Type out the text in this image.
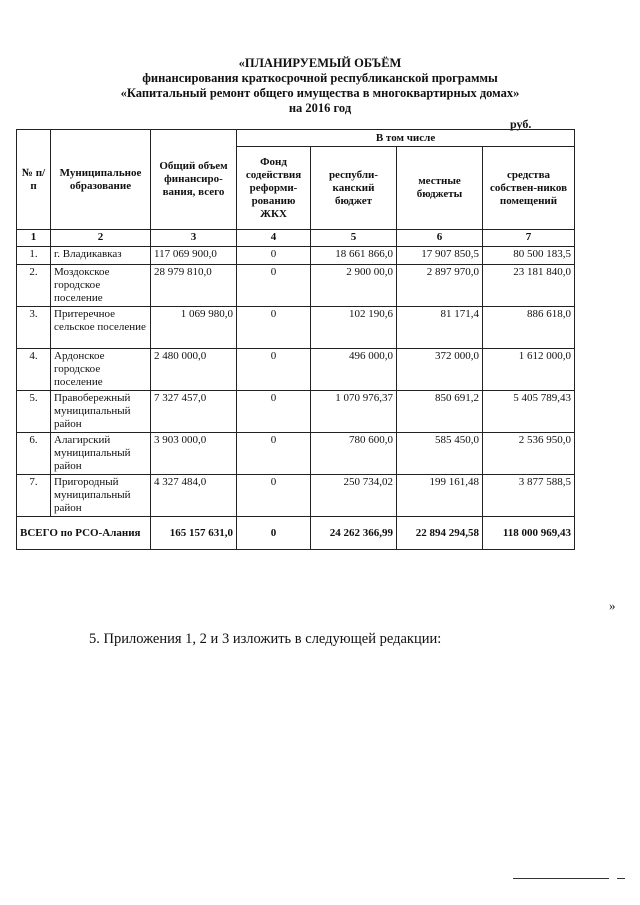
«ПЛАНИРУЕМЫЙ ОБЪЁМ
финансирования краткосрочной республиканской программы
«Капитальный ремонт общего имущества в многоквартирных домах»
на 2016 год
руб.
№ п/п	Муниципальное образование	Общий объем финансиро-вания, всего	В том числе			
			Фонд содействия реформи-рованию ЖКХ	республи-канский бюджет	местные бюджеты	средства собствен-ников помещений
1	2	3	4	5	6	7
1.	г. Владикавказ	117 069 900,0	0	18 661 866,0	17 907 850,5	80 500 183,5
2.	Моздокское городское поселение	28 979 810,0	0	2 900 00,0	2 897 970,0	23 181 840,0
3.	Притеречное сельское поселение	1 069 980,0	0	102 190,6	81 171,4	886 618,0
4.	Ардонское городское поселение	2 480 000,0	0	496 000,0	372 000,0	1 612 000,0
5.	Правобережный муниципальный район	7 327 457,0	0	1 070 976,37	850 691,2	5 405 789,43
6.	Алагирский муниципальный район	3 903 000,0	0	780 600,0	585 450,0	2 536 950,0
7.	Пригородный муниципальный район	4 327 484,0	0	250 734,02	199 161,48	3 877 588,5
ВСЕГО по РСО-Алания		165 157 631,0	0	24 262 366,99	22 894 294,58	118 000 969,43
»
5. Приложения 1, 2 и 3 изложить в следующей редакции:
